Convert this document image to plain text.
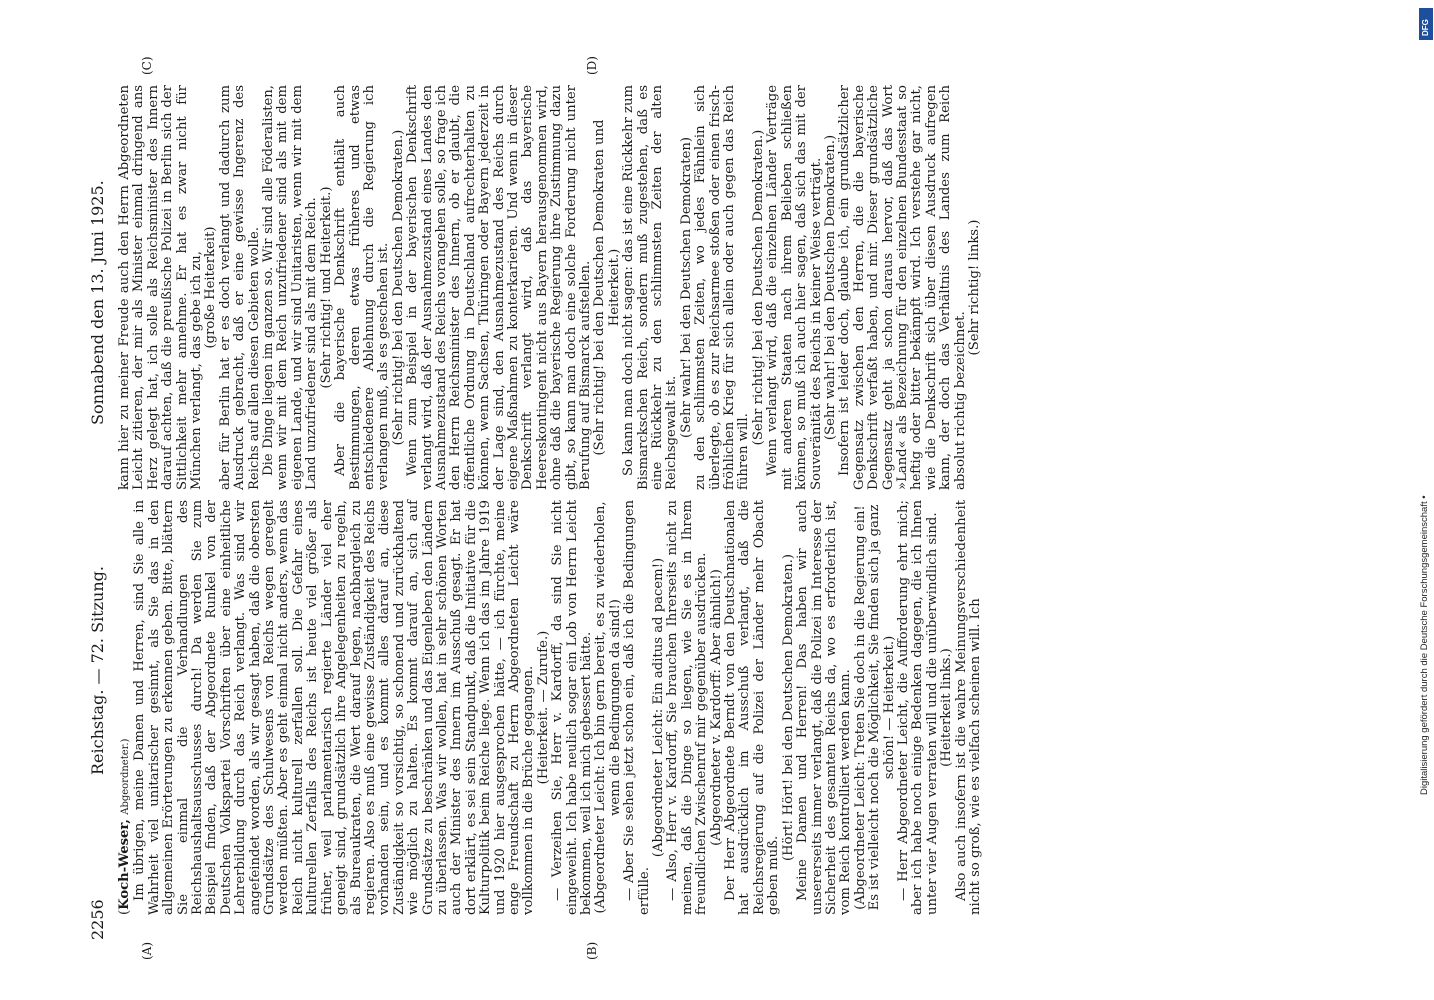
2256
Reichstag. — 72. Sitzung.
Sonnabend den 13. Juni 1925.
(A)	(B)
(C)	(D)

(Koch-Weser, Abgeordneter.) Im übrigen, meine Damen und Herren, sind Sie alle in Wahrheit viel unitarischer gesinnt, als Sie das in den allgemeinen Erörterungen zu erkennen geben. Bitte, blättern Sie einmal die Verhandlungen des Reichshaushaltsausschusses durch! Da werden Sie zum Beispiel finden, daß der Abgeordnete Runkel von der Deutschen Volkspartei Vorschriften über eine einheitliche Lehrerbildung durch das Reich verlangt. Was sind wir angefeindet worden, als wir gesagt haben, daß die obersten Grundsätze des Schulwesens von Reichs wegen geregelt werden müßten. Aber es geht einmal nicht anders, wenn das Reich nicht kulturell zerfallen soll. Die Gefahr eines kulturellen Zerfalls des Reichs ist heute viel größer als früher, weil parlamentarisch regierte Länder viel eher geneigt sind, grundsätzlich ihre Angelegenheiten zu regeln, als Bureaukraten, die Wert darauf legen, nachbargleich zu regieren. Also es muß eine gewisse Zuständigkeit des Reichs vorhanden sein, und es kommt alles darauf an, diese Zuständigkeit so vorsichtig, so schonend und zurückhaltend wie möglich zu halten. Es kommt darauf an, sich auf Grundsätze zu beschränken und das Eigenleben den Ländern zu überlassen. Was wir wollen, hat in sehr schönen Worten auch der Minister des Innern im Ausschuß gesagt. Er hat dort erklärt, es sei sein Standpunkt, daß die Initiative für die Kulturpolitik beim Reiche liege. Wenn ich das im Jahre 1919 und 1920 hier ausgesprochen hätte, — ich fürchte, meine enge Freundschaft zu Herrn Abgeordneten Leicht wäre vollkommen in die Brüche gegangen. (Heiterkeit. — Zurufe.) — Verzeihen Sie, Herr v. Kardorff, da sind Sie nicht eingeweiht. Ich habe neulich sogar ein Lob von Herrn Leicht bekommen, weil ich mich gebessert hätte. (Abgeordneter Leicht: Ich bin gern bereit, es zu wiederholen, wenn die Bedingungen da sind!) — Aber Sie sehen jetzt schon ein, daß ich die Bedingungen erfülle.

(Abgeordneter Leicht: Ein aditus ad pacem!) — Also, Herr v. Kardorff, Sie brauchen Ihrerseits nicht zu meinen, daß die Dinge so liegen, wie Sie es in Ihrem freundlichen Zwischenruf mir gegenüber ausdrücken. (Abgeordneter v. Kardorff: Aber ähnlich!) Der Herr Abgeordnete Berndt von den Deutschnationalen hat ausdrücklich im Ausschuß verlangt, daß die Reichsregierung auf die Polizei der Länder mehr Obacht geben muß.

(Hört! Hört! bei den Deutschen Demokraten.) Meine Damen und Herren! Das haben wir auch unsererseits immer verlangt, daß die Polizei im Interesse der Sicherheit des gesamten Reichs da, wo es erforderlich ist, vom Reich kontrolliert werden kann. (Abgeordneter Leicht: Treten Sie doch in die Regierung ein! Es ist vielleicht noch die Möglichkeit, Sie finden sich ja ganz schön! — Heiterkeit.) — Herr Abgeordneter Leicht, die Aufforderung ehrt mich; aber ich habe noch einige Bedenken dagegen, die ich Ihnen unter vier Augen verraten will und die unüberwindlich sind. (Heiterkeit links.) Also auch insofern ist die wahre Meinungsverschiedenheit nicht so groß, wie es vielfach scheinen will. Ich

kann hier zu meiner Freude auch den Herrn Abgeordneten Leicht zitieren, der mir als Minister einmal dringend ans Herz gelegt hat, ich solle als Reichsminister des Innern darauf achten, daß die preußische Polizei in Berlin sich der Sittlichkeit mehr annehme. Er hat es zwar nicht für München verlangt, das gebe ich zu, (große Heiterkeit) aber für Berlin hat er es doch verlangt und dadurch zum Ausdruck gebracht, daß er eine gewisse Ingerenz des Reichs auf allen diesen Gebieten wolle. Die Dinge liegen im ganzen so. Wir sind alle Föderalisten, wenn wir mit dem Reich unzufriedener sind als mit dem eigenen Lande, und wir sind Unitaristen, wenn wir mit dem Land unzufriedener sind als mit dem Reich. (Sehr richtig! und Heiterkeit.) Aber die bayerische Denkschrift enthält auch Bestimmungen, deren etwas früheres und etwas entschiedenere Ablehnung durch die Regierung ich verlangen muß, als es geschehen ist. (Sehr richtig! bei den Deutschen Demokraten.) Wenn zum Beispiel in der bayerischen Denkschrift verlangt wird, daß der Ausnahmezustand eines Landes den Ausnahmezustand des Reichs vorangehen solle, so frage ich den Herrn Reichsminister des Innern, ob er glaubt, die öffentliche Ordnung in Deutschland aufrechterhalten zu können, wenn Sachsen, Thüringen oder Bayern jederzeit in der Lage sind, den Ausnahmezustand des Reichs durch eigene Maßnahmen zu konterkarieren. Und wenn in dieser Denkschrift verlangt wird, daß das bayerische Heereskontingent nicht aus Bayern herausgenommen wird, ohne daß die bayerische Regierung ihre Zustimmung dazu gibt, so kann man doch eine solche Forderung nicht unter Berufung auf Bismarck aufstellen. (Sehr richtig! bei den Deutschen Demokraten und Heiterkeit.) So kann man doch nicht sagen: das ist eine Rückkehr zum Bismarckschen Reich, sondern muß zugestehen, daß es eine Rückkehr zu den schlimmsten Zeiten der alten Reichsgewalt ist. (Sehr wahr! bei den Deutschen Demokraten) zu den schlimmsten Zeiten, wo jedes Fähnlein sich überlegte, ob es zur Reichsarmee stoßen oder einen frisch-fröhlichen Krieg für sich allein oder auch gegen das Reich führen will.

(Sehr richtig! bei den Deutschen Demokraten.) Wenn verlangt wird, daß die einzelnen Länder Verträge mit anderen Staaten nach ihrem Belieben schließen können, so muß ich auch hier sagen, daß sich das mit der Souveränität des Reichs in keiner Weise verträgt. (Sehr wahr! bei den Deutschen Demokraten.) Insofern ist leider doch, glaube ich, ein grundsätzlicher Gegensatz zwischen den Herren, die die bayerische Denkschrift verfaßt haben, und mir. Dieser grundsätzliche Gegensatz geht ja schon daraus hervor, daß das Wort »Land« als Bezeichnung für den einzelnen Bundesstaat so heftig oder bitter bekämpft wird. Ich verstehe gar nicht, wie die Denkschrift sich über diesen Ausdruck aufregen kann, der doch das Verhältnis des Landes zum Reich absolut richtig bezeichnet.

(Sehr richtig! links.)

DFG
Digitalisierung gefördert durch die Deutsche Forschungsgemeinschaft •
